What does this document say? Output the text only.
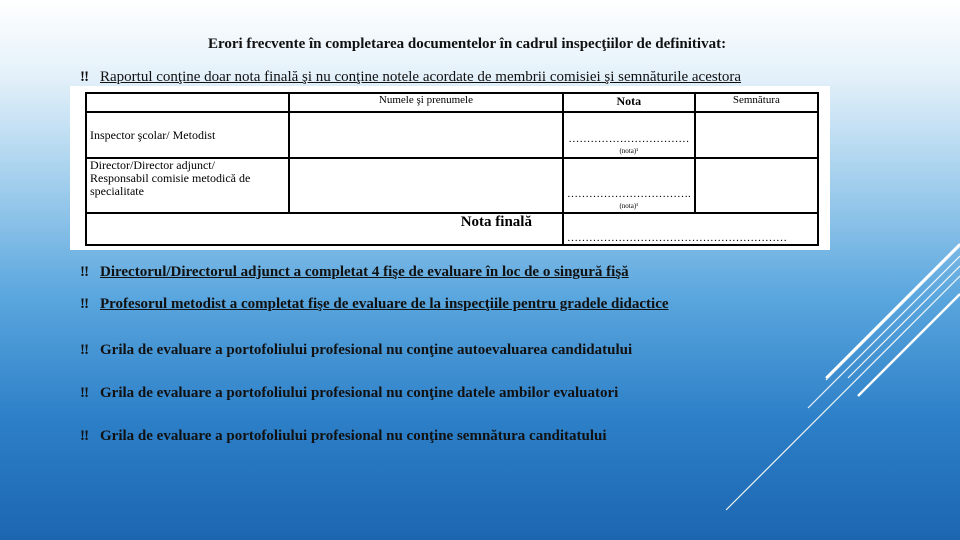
Erori frecvente în completarea documentelor în cadrul inspecţiilor de definitivat:
‼ Raportul conţine doar nota finală şi nu conţine notele acordate de membrii comisiei şi semnăturile acestora
	Numele şi prenumele	Nota	Semnătura
Inspector şcolar/ Metodist		……………………………
(nota)¹	

Director/Director adjunct/
Responsabil comisie metodică de
specialitate		…………………………….
(nota)¹	

Nota finală		……………………………………………………	
‼ Directorul/Directorul adjunct a completat 4 fişe de evaluare în loc de o singură fişă
‼ Profesorul metodist a completat fişe de evaluare de la inspecţiile pentru gradele didactice
‼ Grila de evaluare a portofoliului profesional nu conţine autoevaluarea candidatului
‼ Grila de evaluare a portofoliului profesional nu conţine datele ambilor evaluatori
‼ Grila de evaluare a portofoliului profesional nu conţine semnătura canditatului
